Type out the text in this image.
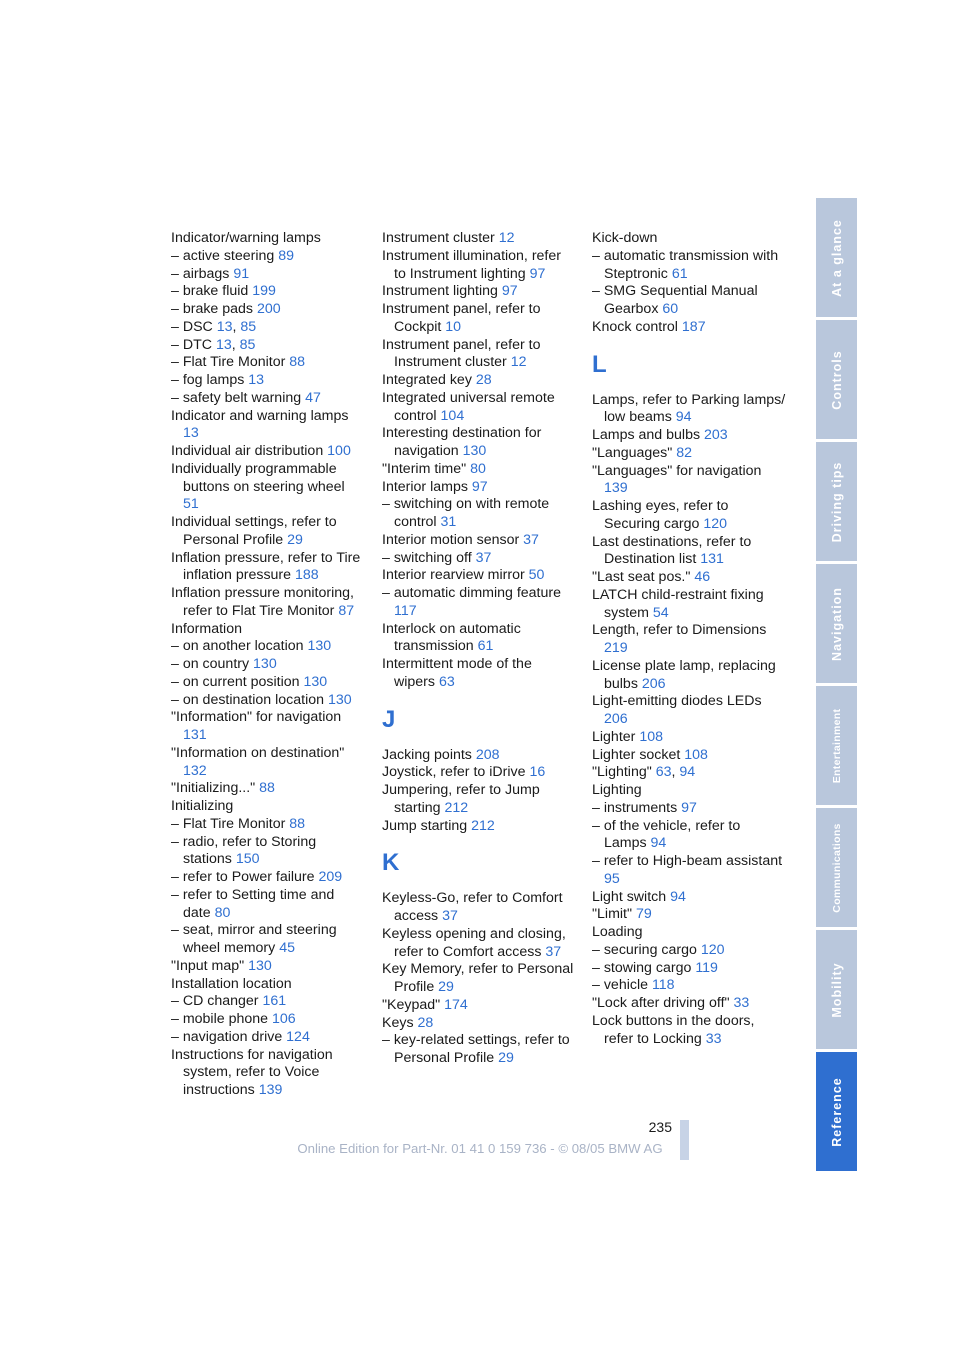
Indicator/warning lamps
– active steering 89
– airbags 91
– brake fluid 199
– brake pads 200
– DSC 13, 85
– DTC 13, 85
– Flat Tire Monitor 88
– fog lamps 13
– safety belt warning 47
Indicator and warning lamps 13
Individual air distribution 100
Individually programmable buttons on steering wheel 51
Individual settings, refer to Personal Profile 29
Inflation pressure, refer to Tire inflation pressure 188
Inflation pressure monitoring, refer to Flat Tire Monitor 87
Information
– on another location 130
– on country 130
– on current position 130
– on destination location 130
"Information" for navigation 131
"Information on destination" 132
"Initializing..." 88
Initializing
– Flat Tire Monitor 88
– radio, refer to Storing stations 150
– refer to Power failure 209
– refer to Setting time and date 80
– seat, mirror and steering wheel memory 45
"Input map" 130
Installation location
– CD changer 161
– mobile phone 106
– navigation drive 124
Instructions for navigation system, refer to Voice instructions 139
Instrument cluster 12
Instrument illumination, refer to Instrument lighting 97
Instrument lighting 97
Instrument panel, refer to Cockpit 10
Instrument panel, refer to Instrument cluster 12
Integrated key 28
Integrated universal remote control 104
Interesting destination for navigation 130
"Interim time" 80
Interior lamps 97
– switching on with remote control 31
Interior motion sensor 37
– switching off 37
Interior rearview mirror 50
– automatic dimming feature 117
Interlock on automatic transmission 61
Intermittent mode of the wipers 63
J
Jacking points 208
Joystick, refer to iDrive 16
Jumpering, refer to Jump starting 212
Jump starting 212
K
Keyless-Go, refer to Comfort access 37
Keyless opening and closing, refer to Comfort access 37
Key Memory, refer to Personal Profile 29
"Keypad" 174
Keys 28
– key-related settings, refer to Personal Profile 29
Kick-down
– automatic transmission with Steptronic 61
– SMG Sequential Manual Gearbox 60
Knock control 187
L
Lamps, refer to Parking lamps/ low beams 94
Lamps and bulbs 203
"Languages" 82
"Languages" for navigation 139
Lashing eyes, refer to Securing cargo 120
Last destinations, refer to Destination list 131
"Last seat pos." 46
LATCH child-restraint fixing system 54
Length, refer to Dimensions 219
License plate lamp, replacing bulbs 206
Light-emitting diodes LEDs 206
Lighter 108
Lighter socket 108
"Lighting" 63, 94
Lighting
– instruments 97
– of the vehicle, refer to Lamps 94
– refer to High-beam assistant 95
Light switch 94
"Limit" 79
Loading
– securing cargo 120
– stowing cargo 119
– vehicle 118
"Lock after driving off" 33
Lock buttons in the doors, refer to Locking 33
At a glance
Controls
Driving tips
Navigation
Entertainment
Communications
Mobility
Reference
235
Online Edition for Part-Nr. 01 41 0 159 736 - © 08/05 BMW AG
